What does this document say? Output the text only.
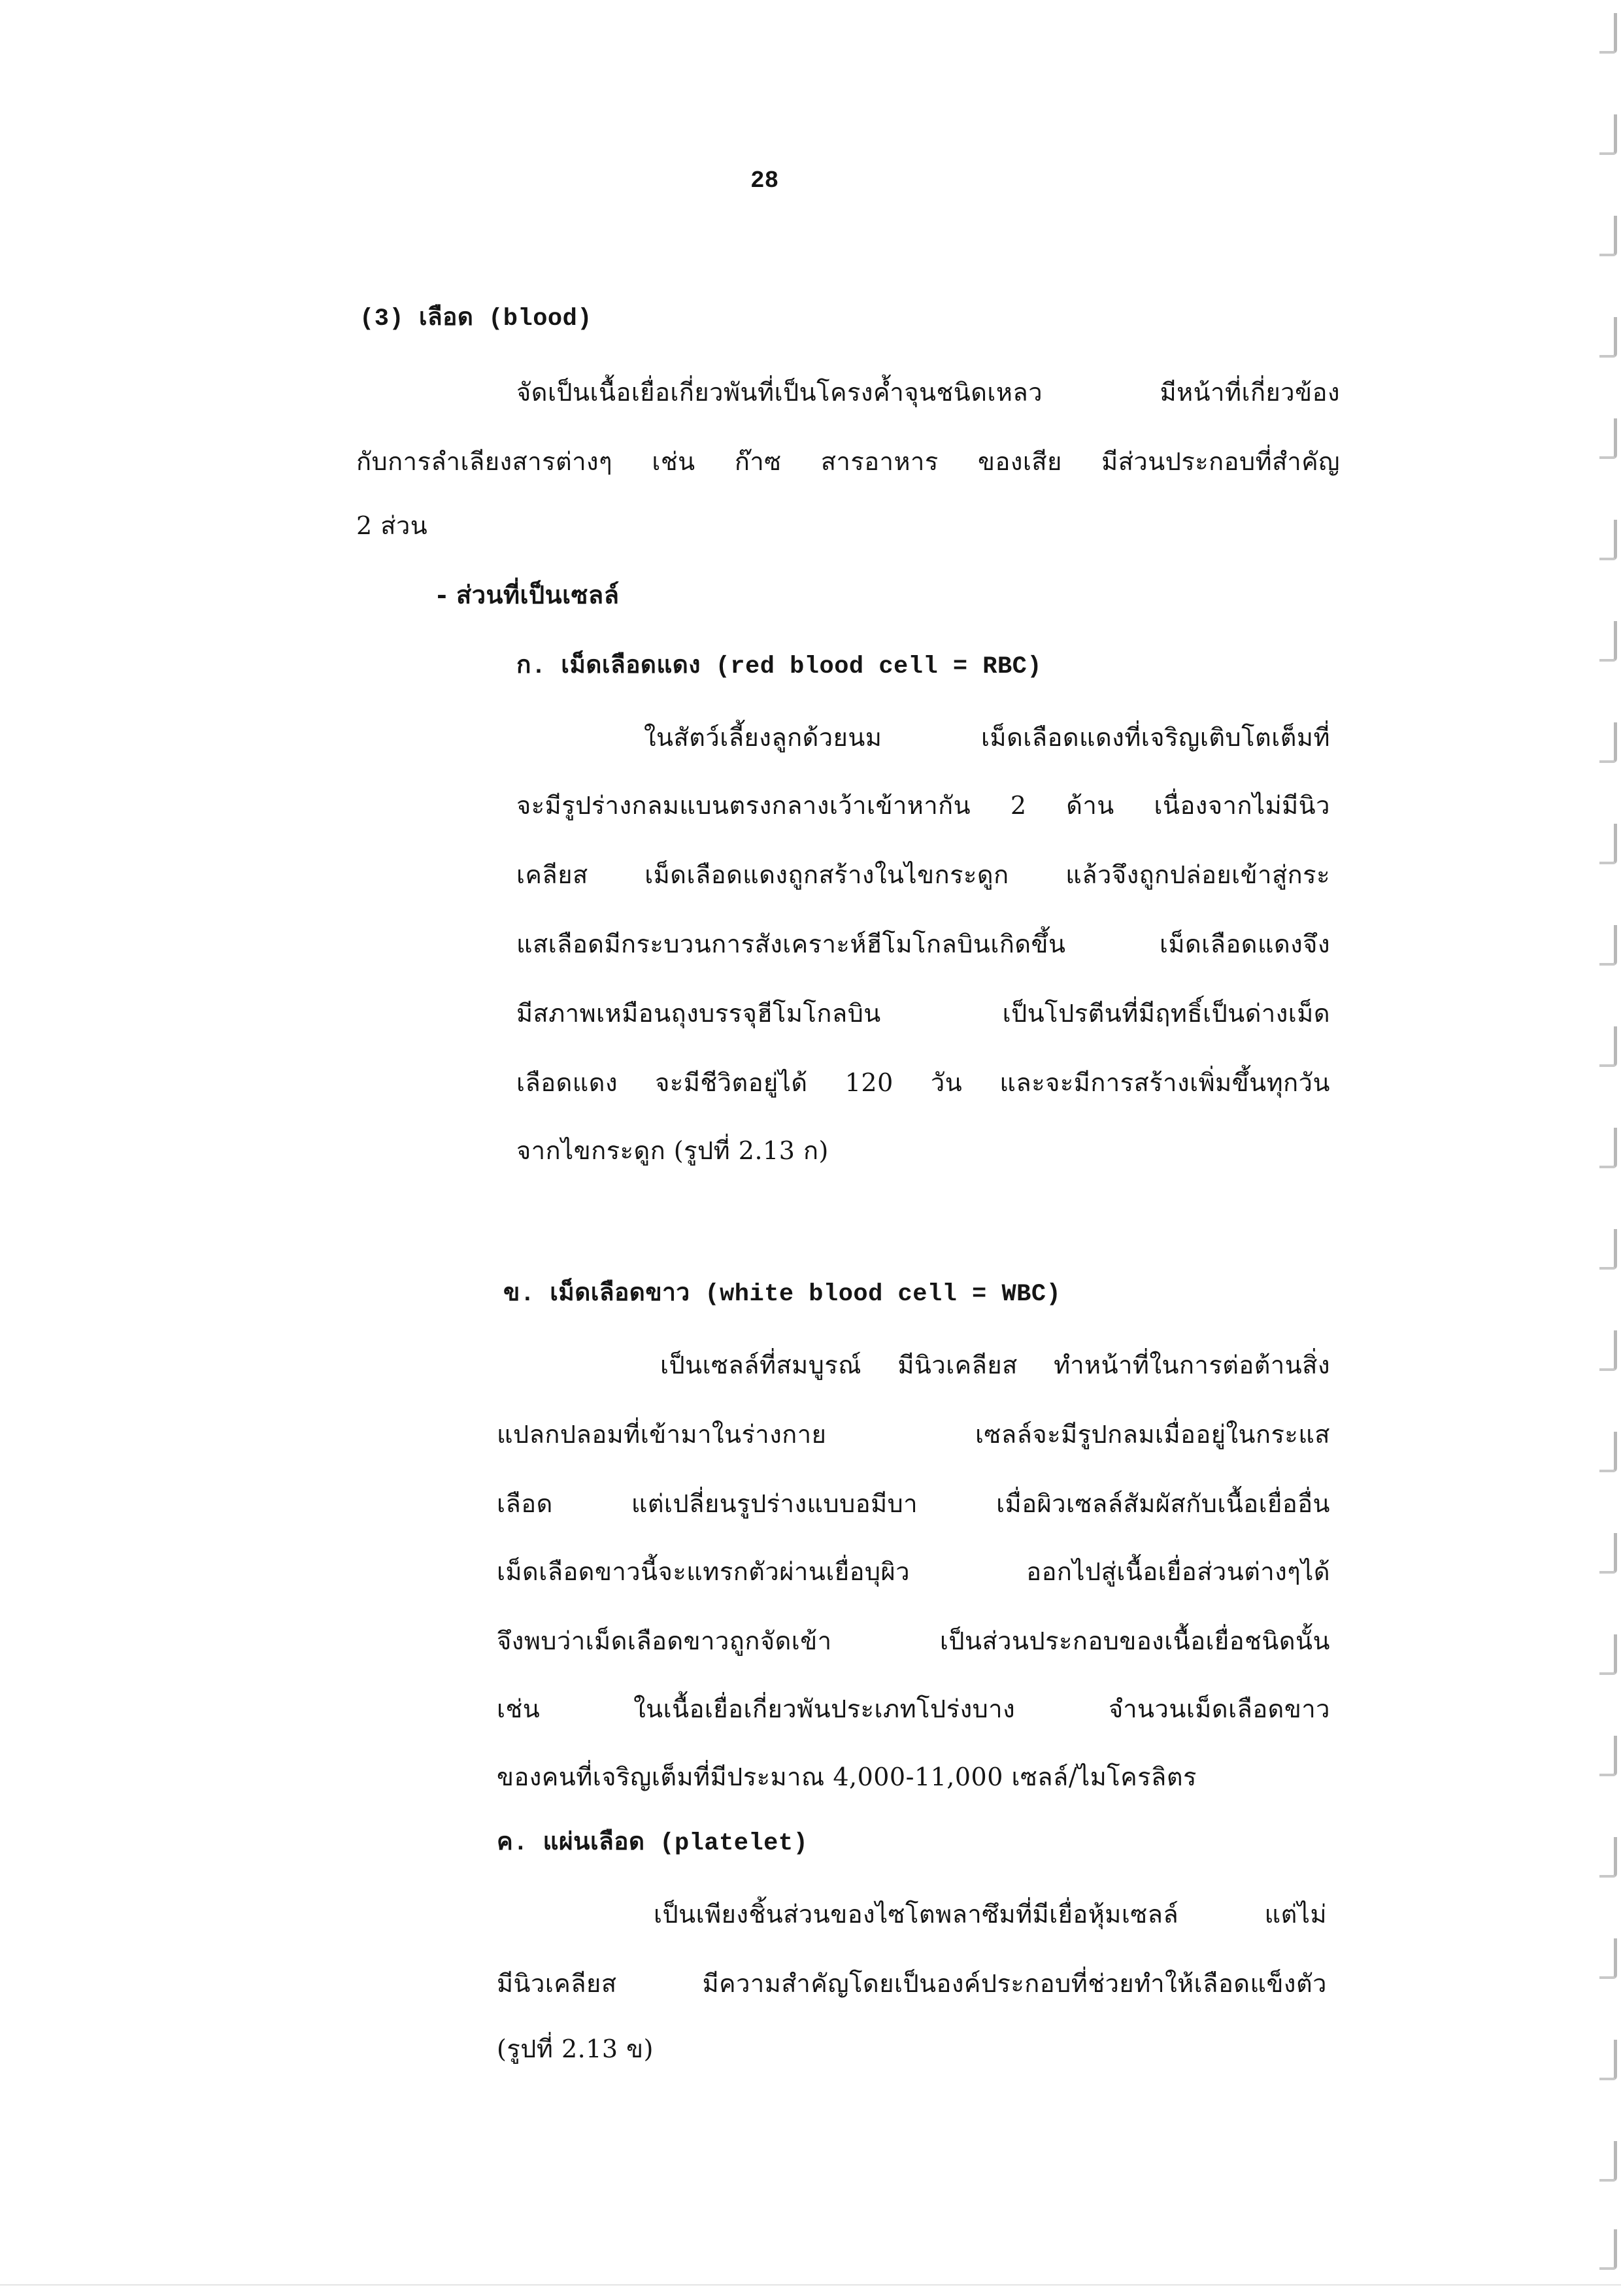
28
(3) เลือด (blood)
จัดเป็นเนื้อเยื่อเกี่ยวพันที่เป็นโครงค้ำจุนชนิดเหลว มีหน้าที่เกี่ยวข้อง
กับการลำเลียงสารต่างๆ เช่น ก๊าซ สารอาหาร ของเสีย มีส่วนประกอบที่สำคัญ
2 ส่วน
- ส่วนที่เป็นเซลล์
ก. เม็ดเลือดแดง (red blood cell = RBC)
ในสัตว์เลี้ยงลูกด้วยนม เม็ดเลือดแดงที่เจริญเติบโตเต็มที่
จะมีรูปร่างกลมแบนตรงกลางเว้าเข้าหากัน 2 ด้าน เนื่องจากไม่มีนิว
เคลียส เม็ดเลือดแดงถูกสร้างในไขกระดูก แล้วจึงถูกปล่อยเข้าสู่กระ
แสเลือดมีกระบวนการสังเคราะห์ฮีโมโกลบินเกิดขึ้น เม็ดเลือดแดงจึง
มีสภาพเหมือนถุงบรรจุฮีโมโกลบิน เป็นโปรตีนที่มีฤทธิ์เป็นด่างเม็ด
เลือดแดง จะมีชีวิตอยู่ได้ 120 วัน และจะมีการสร้างเพิ่มขึ้นทุกวัน
จากไขกระดูก (รูปที่ 2.13 ก)
ข. เม็ดเลือดขาว (white blood cell = WBC)
เป็นเซลล์ที่สมบูรณ์ มีนิวเคลียส ทำหน้าที่ในการต่อต้านสิ่ง
แปลกปลอมที่เข้ามาในร่างกาย เซลล์จะมีรูปกลมเมื่ออยู่ในกระแส
เลือด แต่เปลี่ยนรูปร่างแบบอมีบา เมื่อผิวเซลล์สัมผัสกับเนื้อเยื่ออื่น
เม็ดเลือดขาวนี้จะแทรกตัวผ่านเยื่อบุผิว ออกไปสู่เนื้อเยื่อส่วนต่างๆได้
จึงพบว่าเม็ดเลือดขาวถูกจัดเข้า เป็นส่วนประกอบของเนื้อเยื่อชนิดนั้น
เช่น ในเนื้อเยื่อเกี่ยวพันประเภทโปร่งบาง จำนวนเม็ดเลือดขาว
ของคนที่เจริญเต็มที่มีประมาณ 4,000-11,000 เซลล์/ไมโครลิตร
ค. แผ่นเลือด (platelet)
เป็นเพียงชิ้นส่วนของไซโตพลาซึมที่มีเยื่อหุ้มเซลล์ แต่ไม่
มีนิวเคลียส มีความสำคัญโดยเป็นองค์ประกอบที่ช่วยทำให้เลือดแข็งตัว
(รูปที่ 2.13 ข)
